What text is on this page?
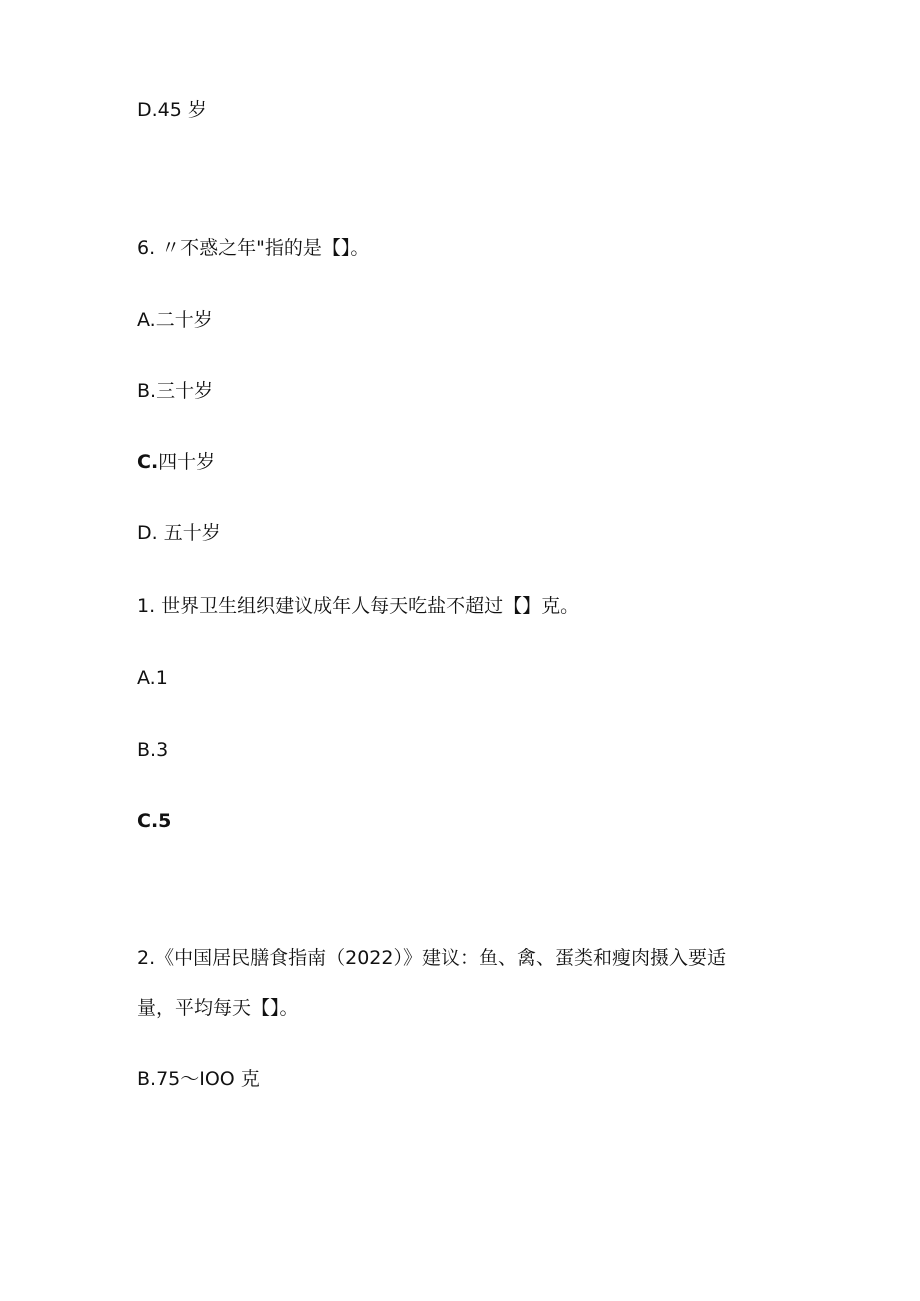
D.45 岁
6. 〃不惑之年"指的是【】。
A.二十岁
B.三十岁
C.四十岁
D. 五十岁
1. 世界卫生组织建议成年人每天吃盐不超过【】克。
A.1
B.3
C.5
2.《中国居民膳食指南（2022）》建议：鱼、禽、蛋类和瘦肉摄入要适
量，平均每天【】。
B.75～IOO 克
